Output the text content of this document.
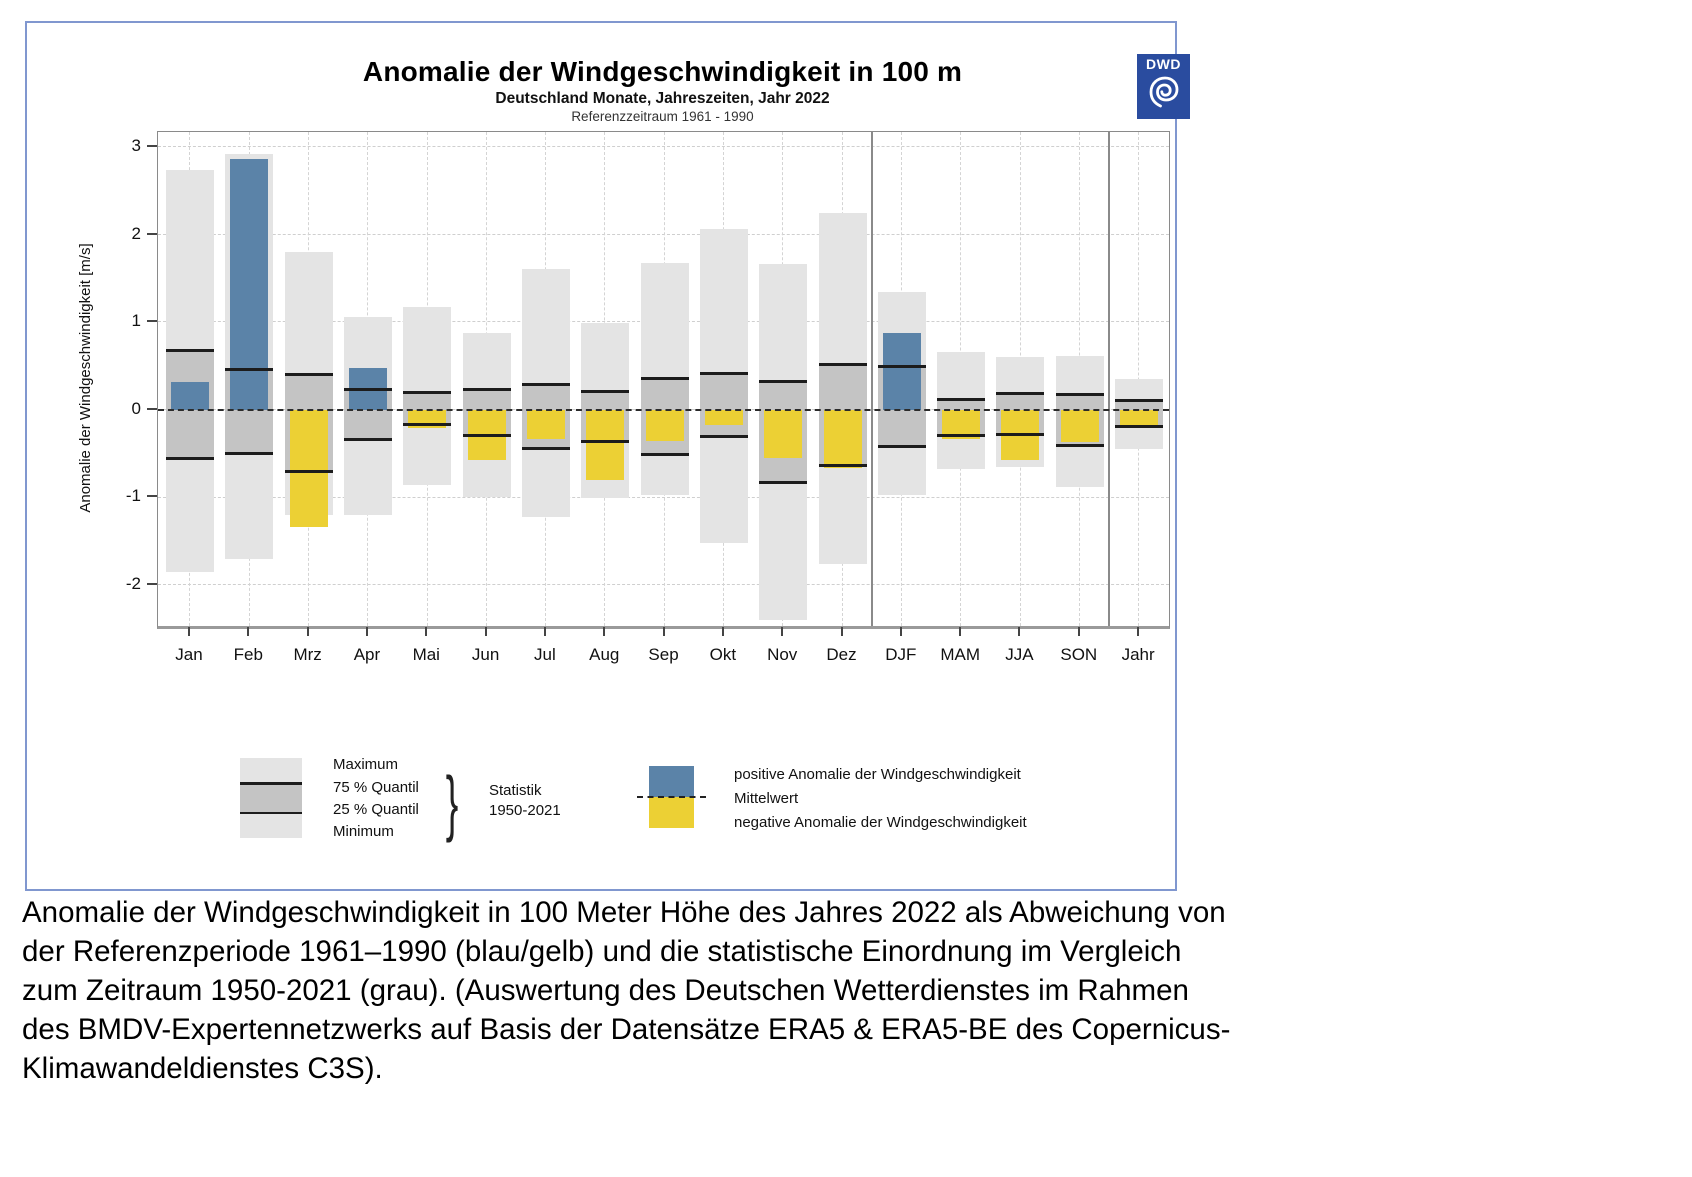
Anomalie der Windgeschwindigkeit in 100 m
Deutschland Monate, Jahreszeiten, Jahr 2022
Referenzzeitraum 1961 - 1990
DWD
Anomalie der Windgeschwindigkeit [m/s]
Maximum
75 % Quantil
25 % Quantil
Minimum } Statistik
1950-2021
positive Anomalie der Windgeschwindigkeit
Mittelwert
negative Anomalie der Windgeschwindigkeit
3
2
1
0
-1
-2
Jan	Feb	Mrz	Apr	Mai	Jun	Jul	Aug	Sep	Okt	Nov	Dez	DJF	MAM	JJA	SON	Jahr
Anomalie der Windgeschwindigkeit in 100 Meter Höhe des Jahres 2022 als Abweichung von
der Referenzperiode 1961–1990 (blau/gelb) und die statistische Einordnung im Vergleich
zum Zeitraum 1950-2021 (grau). (Auswertung des Deutschen Wetterdienstes im Rahmen
des BMDV-Expertennetzwerks auf Basis der Datensätze ERA5 & ERA5-BE des Copernicus-
Klimawandeldienstes C3S).
